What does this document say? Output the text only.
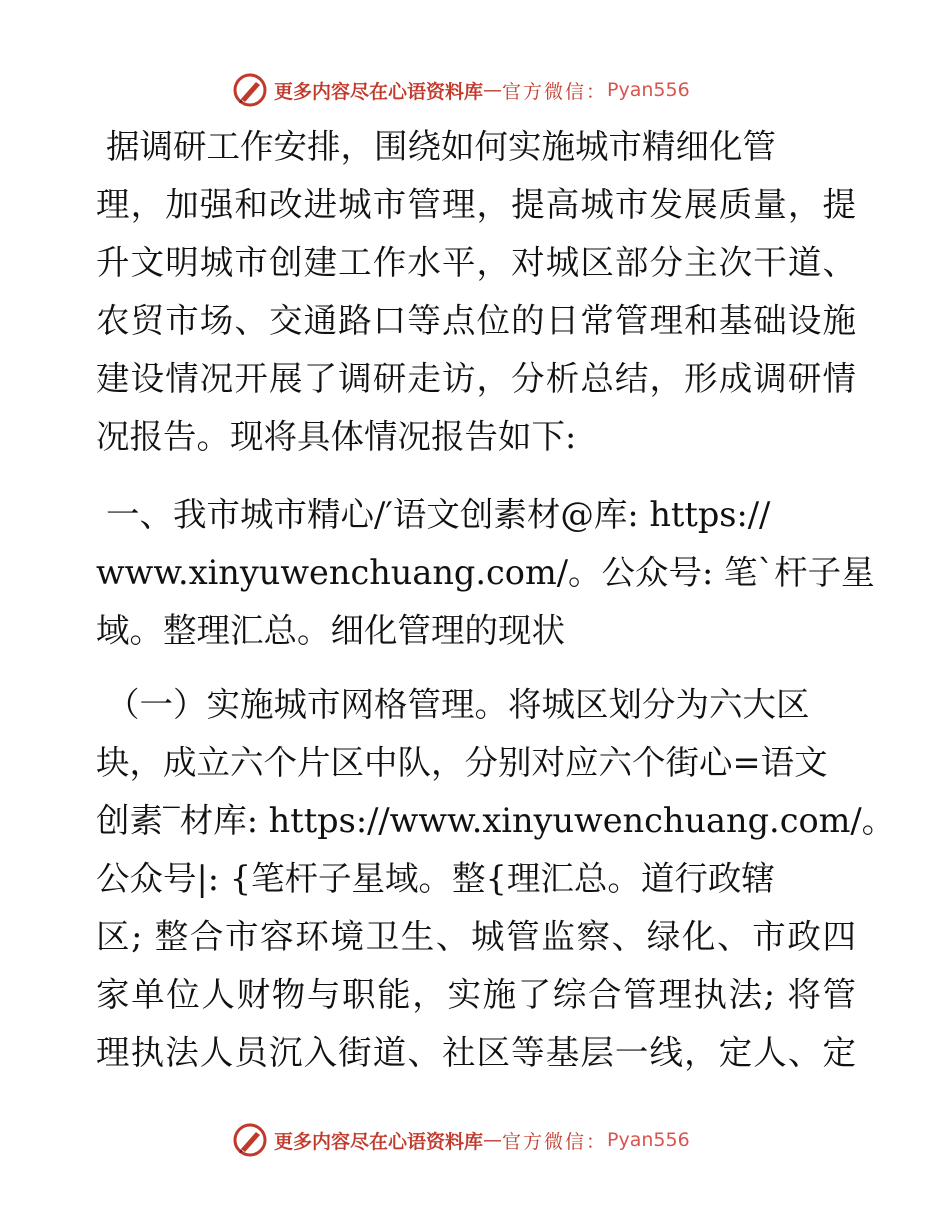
更多内容尽在心语资料库 — 官方微信： Pyan556
据调研工作安排，围绕如何实施城市精细化管
理，加强和改进城市管理，提高城市发展质量，提
升文明城市创建工作水平，对城区部分主次干道、
农贸市场、交通路口等点位的日常管理和基础设施
建设情况开展了调研走访，分析总结，形成调研情
况报告。现将具体情况报告如下:
一、我市城市精心/′语文创素材@库: https://
www.xinyuwenchuang.com/。公众号: 笔`杆子星
域。整理汇总。细化管理的现状
（一）实施城市网格管理。将城区划分为六大区
块，成立六个片区中队，分别对应六个街心=语文
创素‾材库: https://www.xinyuwenchuang.com/。
公众号|: {笔杆子星域。整{理汇总。道行政辖
区; 整合市容环境卫生、城管监察、绿化、市政四
家单位人财物与职能，实施了综合管理执法; 将管
理执法人员沉入街道、社区等基层一线，定人、定
更多内容尽在心语资料库 — 官方微信： Pyan556
